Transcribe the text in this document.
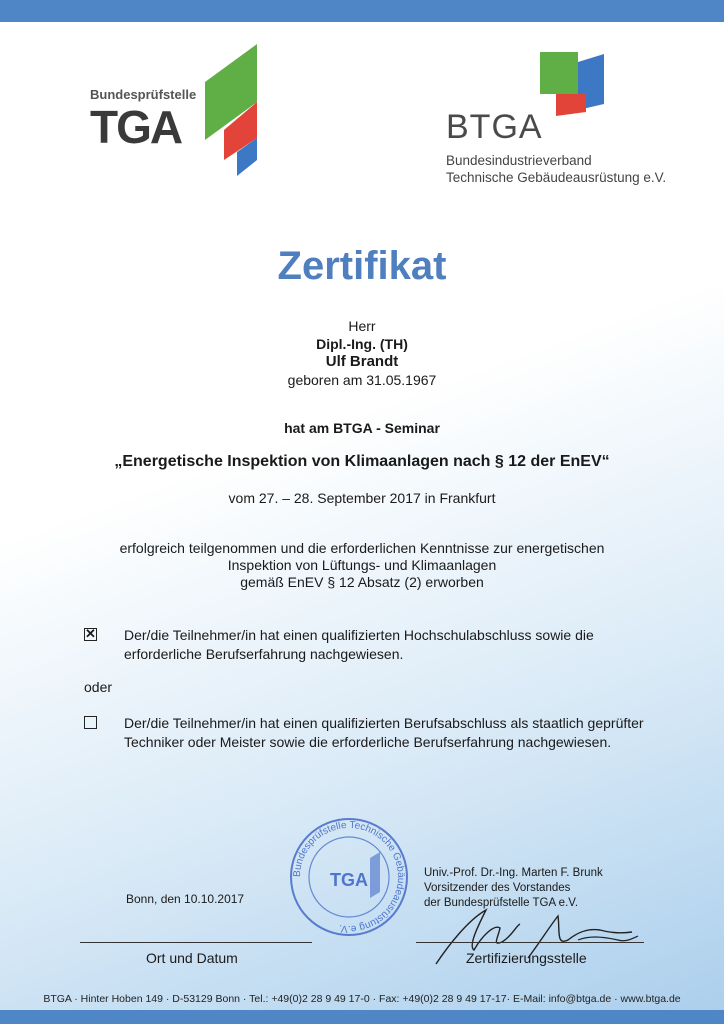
Bundesprüfstelle
TGA	BTGA
Bundesindustrieverband
Technische Gebäudeausrüstung e.V.
Zertifikat
Herr
Dipl.-Ing. (TH)
Ulf Brandt
geboren am 31.05.1967
hat am BTGA - Seminar
„Energetische Inspektion von Klimaanlagen nach § 12 der EnEV“
vom 27. – 28. September 2017 in Frankfurt
erfolgreich teilgenommen und die erforderlichen Kenntnisse zur energetischen
Inspektion von Lüftungs- und Klimaanlagen
gemäß EnEV § 12 Absatz (2) erworben
✕ Der/die Teilnehmer/in hat einen qualifizierten Hochschulabschluss sowie die erforderliche Berufserfahrung nachgewiesen.
oder
Der/die Teilnehmer/in hat einen qualifizierten Berufsabschluss als staatlich geprüfter Techniker oder Meister sowie die erforderliche Berufserfahrung nachgewiesen.
Bonn, den 10.10.2017
Ort und Datum
Bundesprüfstelle Technische Gebäudeausrüstung e.V.
TGA	Univ.-Prof. Dr.-Ing. Marten F. Brunk
Vorsitzender des Vorstandes
der Bundesprüfstelle TGA e.V.
Zertifizierungsstelle
BTGA · Hinter Hoben 149 · D-53129 Bonn · Tel.: +49(0)2 28 9 49 17-0 · Fax: +49(0)2 28 9 49 17-17· E-Mail: info@btga.de · www.btga.de
